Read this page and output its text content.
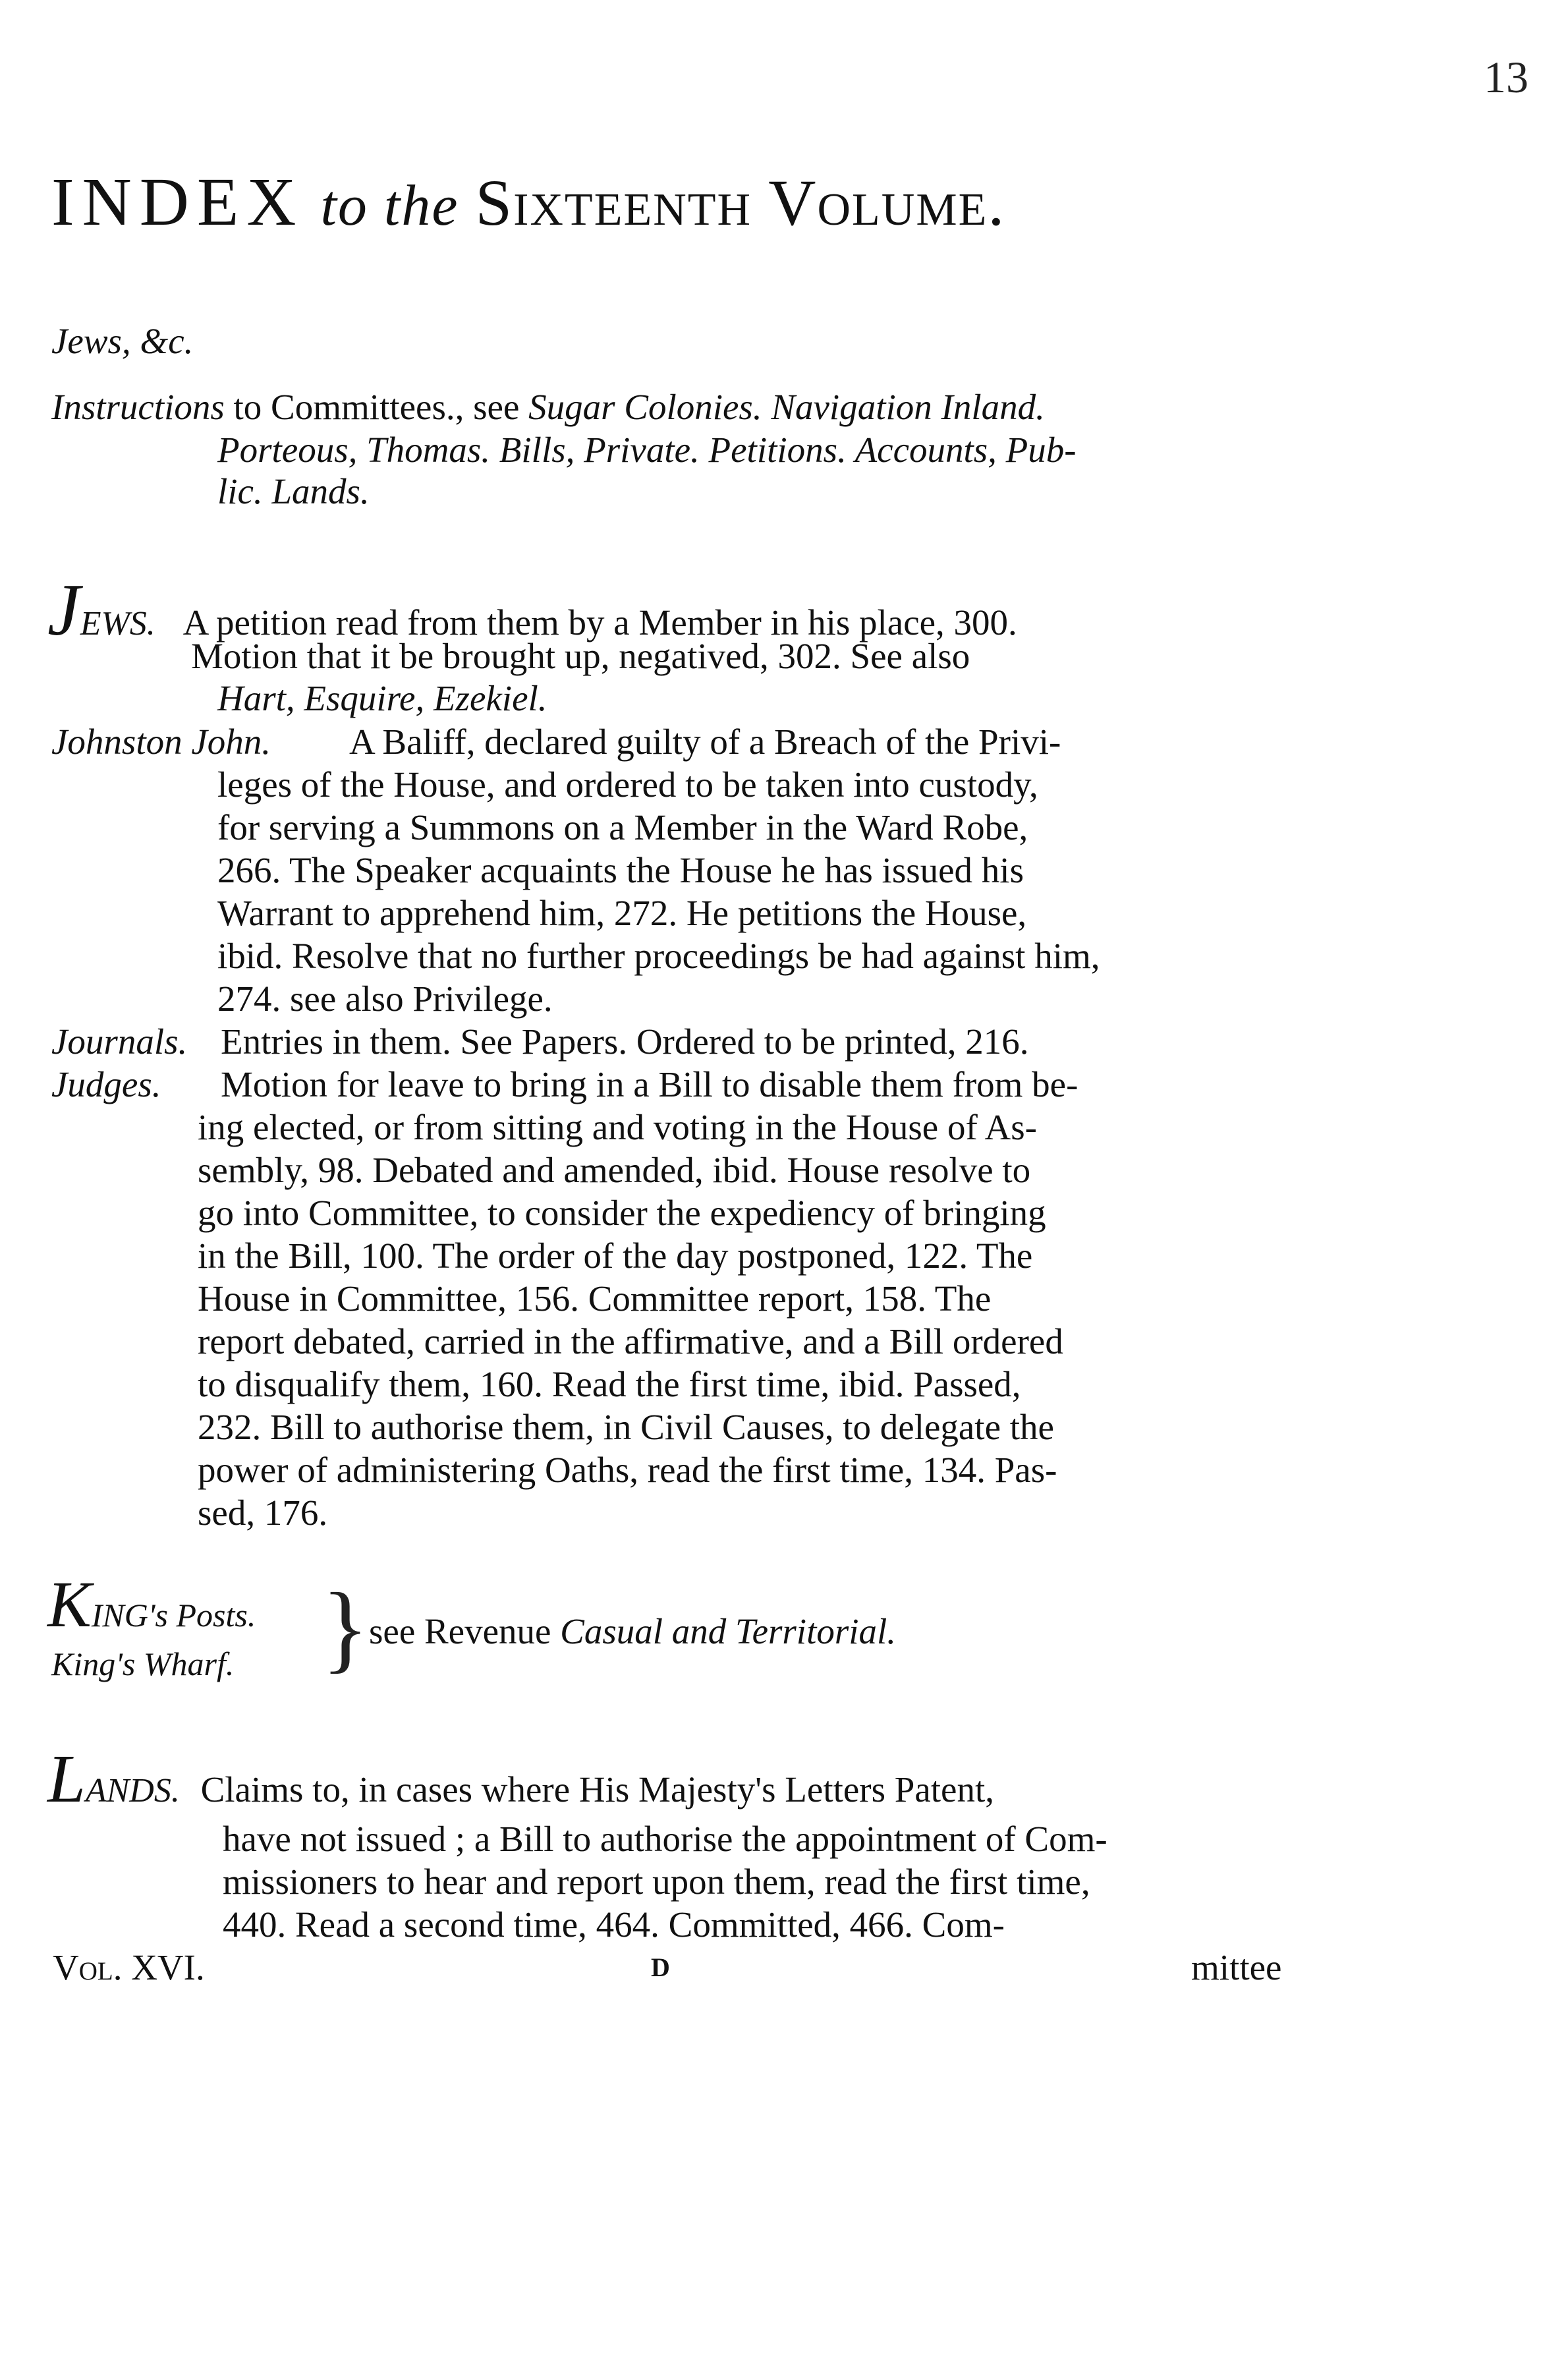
13
INDEX to the Sixteenth Volume.
Jews, &c.
Instructions to Committees., see Sugar Colonies. Navigation Inland.
Porteous, Thomas. Bills, Private. Petitions. Accounts, Pub-
lic. Lands.
JEWS. A petition read from them by a Member in his place, 300.
Motion that it be brought up, negatived, 302. See also
Hart, Esquire, Ezekiel.
Johnston John. A Baliff, declared guilty of a Breach of the Privi-
leges of the House, and ordered to be taken into custody,
for serving a Summons on a Member in the Ward Robe,
266. The Speaker acquaints the House he has issued his
Warrant to apprehend him, 272. He petitions the House,
ibid. Resolve that no further proceedings be had against him,
274. see also Privilege.
Journals. Entries in them. See Papers. Ordered to be printed, 216.
Judges. Motion for leave to bring in a Bill to disable them from be-
ing elected, or from sitting and voting in the House of As-
sembly, 98. Debated and amended, ibid. House resolve to
go into Committee, to consider the expediency of bringing
in the Bill, 100. The order of the day postponed, 122. The
House in Committee, 156. Committee report, 158. The
report debated, carried in the affirmative, and a Bill ordered
to disqualify them, 160. Read the first time, ibid. Passed,
232. Bill to authorise them, in Civil Causes, to delegate the
power of administering Oaths, read the first time, 134. Pas-
sed, 176.
KING's Posts.
King's Wharf. } see Revenue Casual and Territorial.
LANDS. Claims to, in cases where His Majesty's Letters Patent,
have not issued ; a Bill to authorise the appointment of Com-
missioners to hear and report upon them, read the first time,
440. Read a second time, 464. Committed, 466. Com-
Vol. XVI.	D	mittee
